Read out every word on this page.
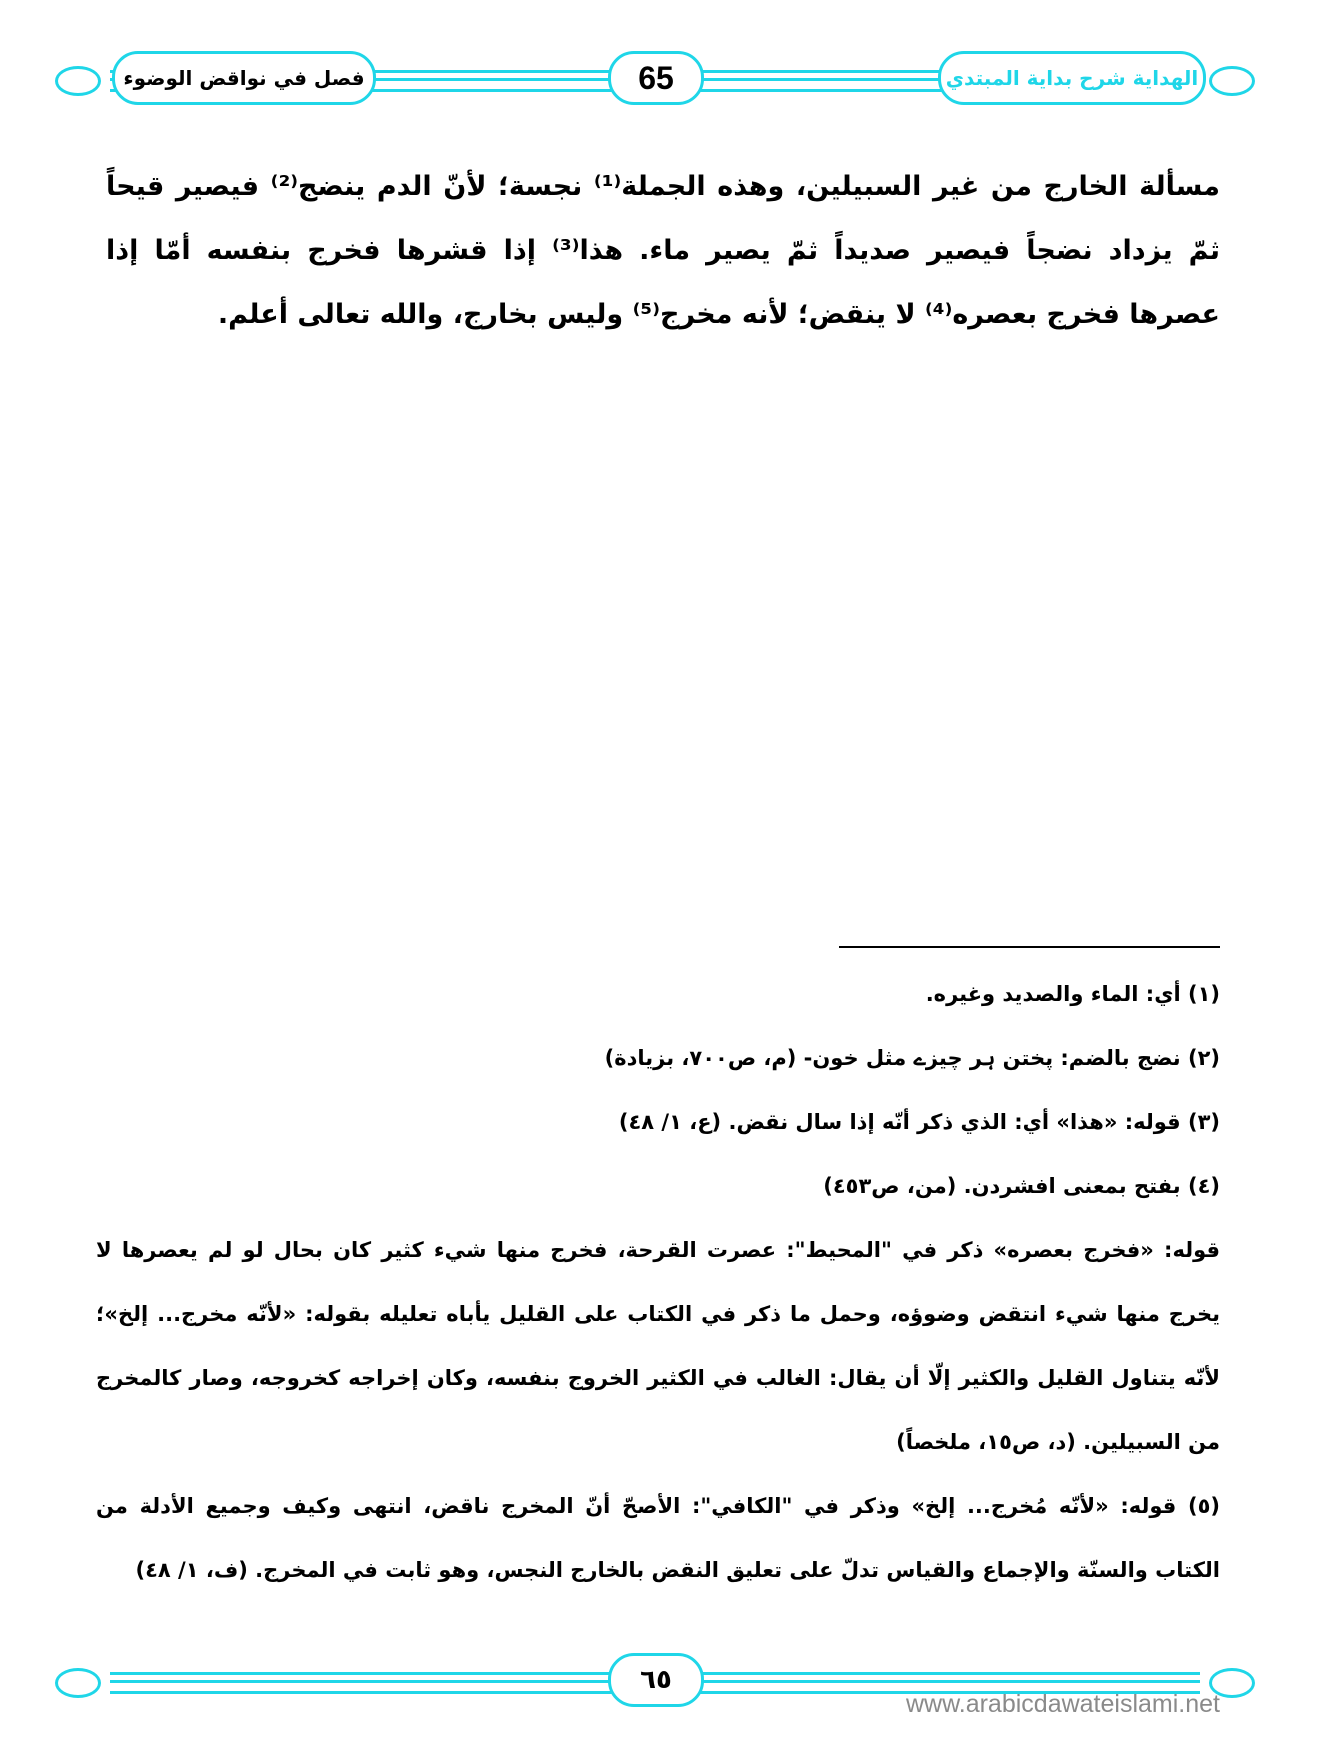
فصل في نواقض الوضوء	65	الهداية شرح بداية المبتدي
مسألة الخارج من غير السبيلين، وهذه الجملة⁽¹⁾ نجسة؛ لأنّ الدم ينضج⁽²⁾ فيصير قيحاً ثمّ يزداد نضجاً فيصير صديداً ثمّ يصير ماء. هذا⁽³⁾ إذا قشرها فخرج بنفسه أمّا إذا عصرها فخرج بعصره⁽⁴⁾ لا ينقض؛ لأنه مخرج⁽⁵⁾ وليس بخارج، والله تعالى أعلم.

(١) أي: الماء والصديد وغيره.

(٢) نضج بالضم: پختن ہر چیزے مثل خون- (م، ص٧٠٠، بزيادة)

(٣) قوله: «هذا» أي: الذي ذكر أنّه إذا سال نقض. (ع، ١/ ٤٨)

(٤) بفتح بمعنى افشردن. (من، ص٤٥٣)

قوله: «فخرج بعصره» ذكر في "المحيط": عصرت القرحة، فخرج منها شيء كثير كان بحال لو لم يعصرها لا يخرج منها شيء انتقض وضوؤه، وحمل ما ذكر في الكتاب على القليل يأباه تعليله بقوله: «لأنّه مخرج... إلخ»؛ لأنّه يتناول القليل والكثير إلّا أن يقال: الغالب في الكثير الخروج بنفسه، وكان إخراجه كخروجه، وصار كالمخرج من السبيلين. (د، ص١٥، ملخصاً)

(٥) قوله: «لأنّه مُخرج... إلخ» وذكر في "الكافي": الأصحّ أنّ المخرج ناقض، انتهى وكيف وجميع الأدلة من الكتاب والسنّة والإجماع والقياس تدلّ على تعليق النقض بالخارج النجس، وهو ثابت في المخرج. (ف، ١/ ٤٨)

٦٥
www.arabicdawateislami.net
